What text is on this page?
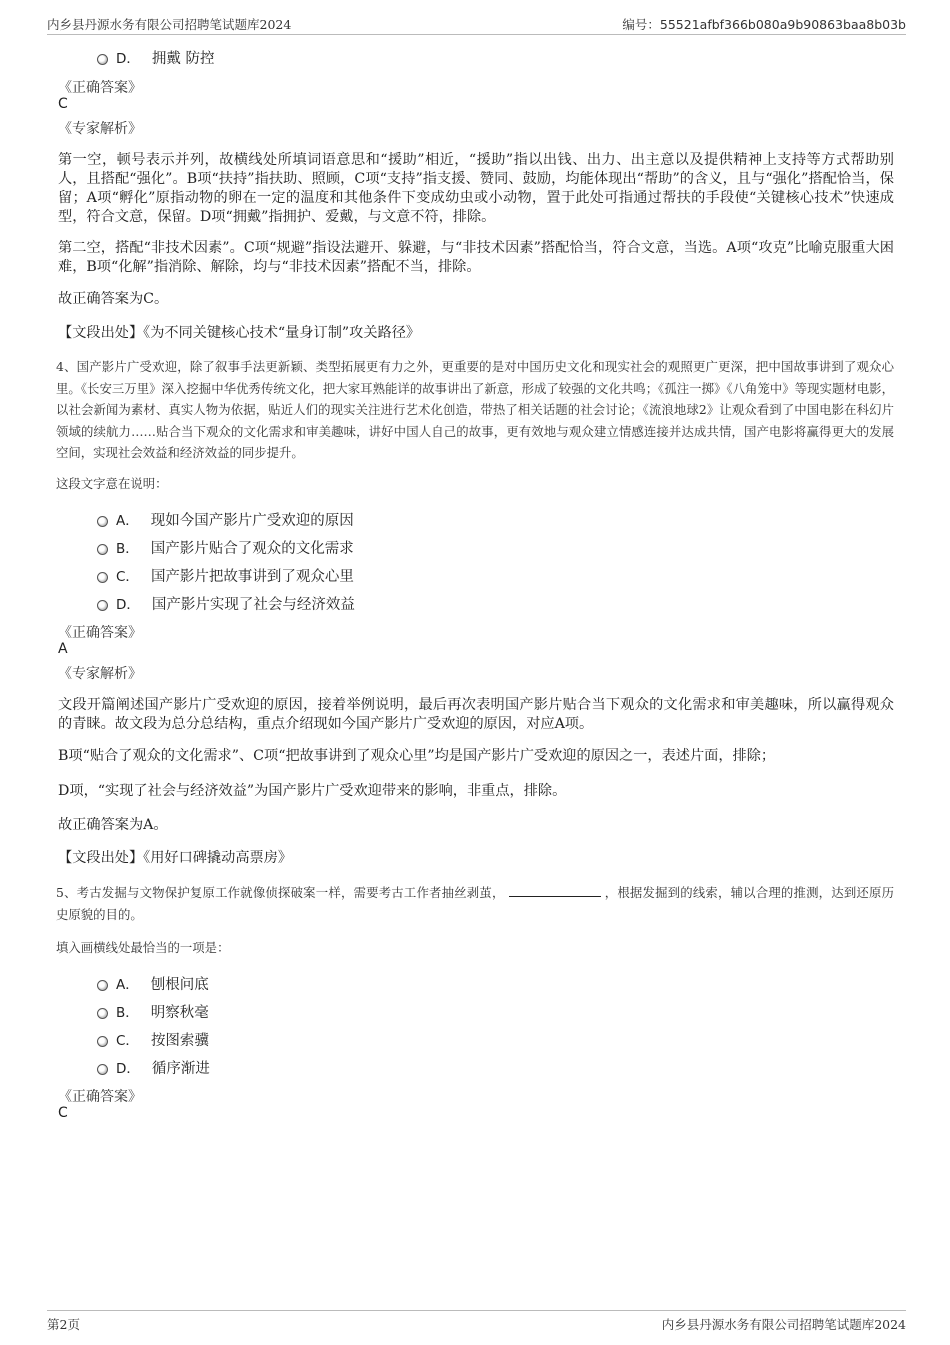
内乡县丹源水务有限公司招聘笔试题库2024	编号：55521afbf366b080a9b90863baa8b03b
D． 拥戴 防控
《正确答案》
C
《专家解析》
第一空，顿号表示并列，故横线处所填词语意思和“援助”相近，“援助”指以出钱、出力、出主意以及提供精神上支持等方式帮助别人，且搭配“强化”。B项“扶持”指扶助、照顾，C项“支持”指支援、赞同、鼓励，均能体现出“帮助”的含义，且与“强化”搭配恰当，保留；A项“孵化”原指动物的卵在一定的温度和其他条件下变成幼虫或小动物，置于此处可指通过帮扶的手段使“关键核心技术”快速成型，符合文意，保留。D项“拥戴”指拥护、爱戴，与文意不符，排除。
第二空，搭配“非技术因素”。C项“规避”指设法避开、躲避，与“非技术因素”搭配恰当，符合文意，当选。A项“攻克”比喻克服重大困难，B项“化解”指消除、解除，均与“非技术因素”搭配不当，排除。
故正确答案为C。
【文段出处】《为不同关键核心技术“量身订制”攻关路径》
4、国产影片广受欢迎，除了叙事手法更新颖、类型拓展更有力之外，更重要的是对中国历史文化和现实社会的观照更广更深，把中国故事讲到了观众心里。《长安三万里》深入挖掘中华优秀传统文化，把大家耳熟能详的故事讲出了新意，形成了较强的文化共鸣；《孤注一掷》《八角笼中》等现实题材电影，以社会新闻为素材、真实人物为依据，贴近人们的现实关注进行艺术化创造，带热了相关话题的社会讨论；《流浪地球2》让观众看到了中国电影在科幻片领域的续航力……贴合当下观众的文化需求和审美趣味，讲好中国人自己的故事，更有效地与观众建立情感连接并达成共情，国产电影将赢得更大的发展空间，实现社会效益和经济效益的同步提升。
这段文字意在说明：
A． 现如今国产影片广受欢迎的原因
B． 国产影片贴合了观众的文化需求
C． 国产影片把故事讲到了观众心里
D． 国产影片实现了社会与经济效益
《正确答案》
A
《专家解析》
文段开篇阐述国产影片广受欢迎的原因，接着举例说明，最后再次表明国产影片贴合当下观众的文化需求和审美趣味，所以赢得观众的青睐。故文段为总分总结构，重点介绍现如今国产影片广受欢迎的原因，对应A项。
B项“贴合了观众的文化需求”、C项“把故事讲到了观众心里”均是国产影片广受欢迎的原因之一，表述片面，排除；
D项，“实现了社会与经济效益”为国产影片广受欢迎带来的影响，非重点，排除。
故正确答案为A。
【文段出处】《用好口碑撬动高票房》
5、考古发掘与文物保护复原工作就像侦探破案一样，需要考古工作者抽丝剥茧，	，根据发掘到的线索，辅以合理的推测，达到还原历史原貌的目的。
填入画横线处最恰当的一项是：
A． 刨根问底
B． 明察秋毫
C． 按图索骥
D． 循序渐进
《正确答案》
C
第2页	内乡县丹源水务有限公司招聘笔试题库2024
